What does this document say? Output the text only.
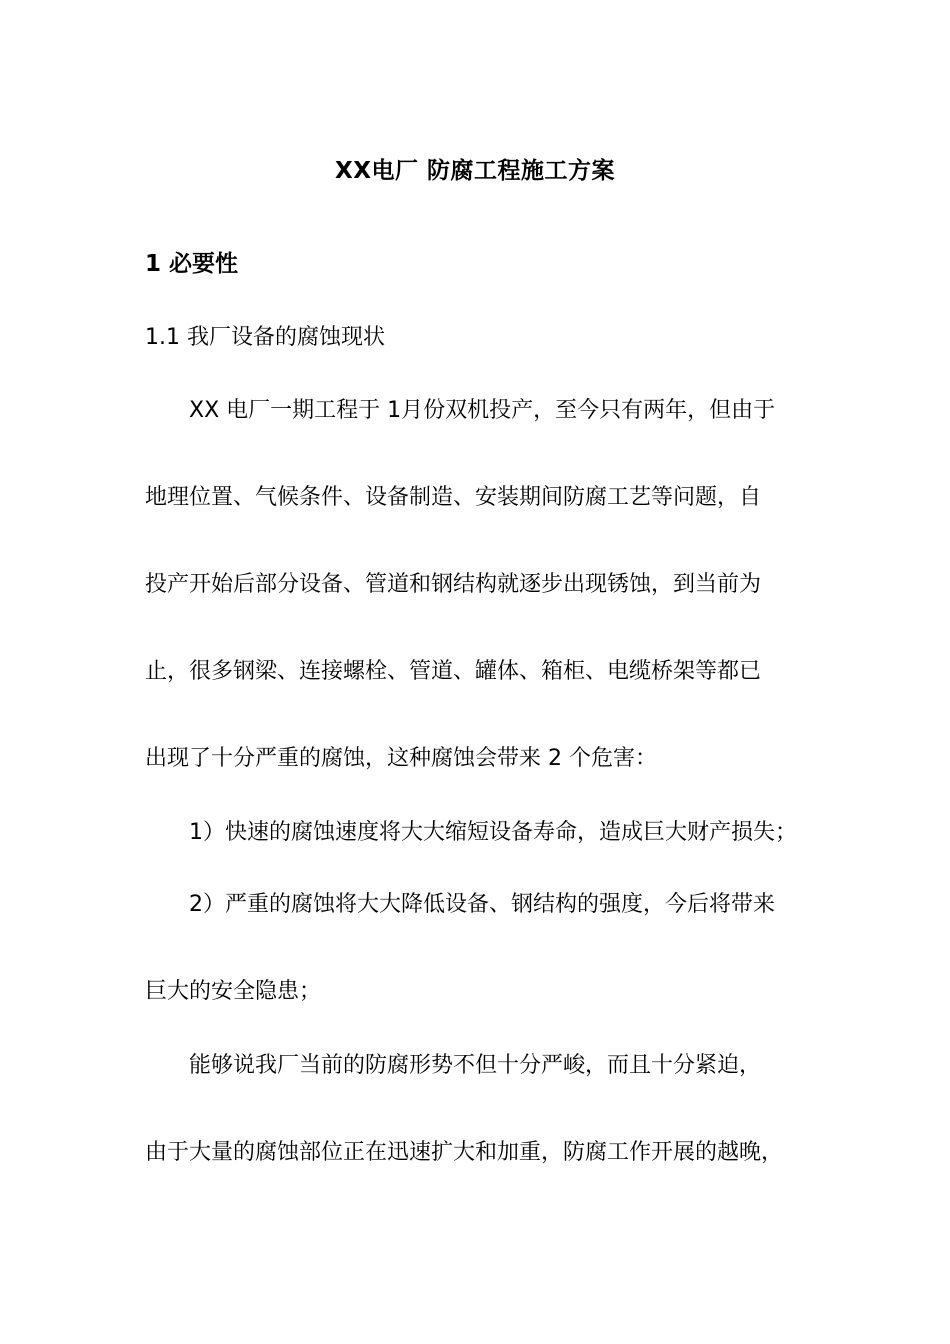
XX电厂 防腐工程施工方案
1 必要性
1.1 我厂设备的腐蚀现状
XX 电厂一期工程于 1月份双机投产，至今只有两年，但由于
地理位置、气候条件、设备制造、安装期间防腐工艺等问题，自
投产开始后部分设备、管道和钢结构就逐步出现锈蚀，到当前为
止，很多钢梁、连接螺栓、管道、罐体、箱柜、电缆桥架等都已
出现了十分严重的腐蚀，这种腐蚀会带来 2 个危害：
1）快速的腐蚀速度将大大缩短设备寿命，造成巨大财产损失；
2）严重的腐蚀将大大降低设备、钢结构的强度，今后将带来
巨大的安全隐患；
能够说我厂当前的防腐形势不但十分严峻，而且十分紧迫，
由于大量的腐蚀部位正在迅速扩大和加重，防腐工作开展的越晚，
